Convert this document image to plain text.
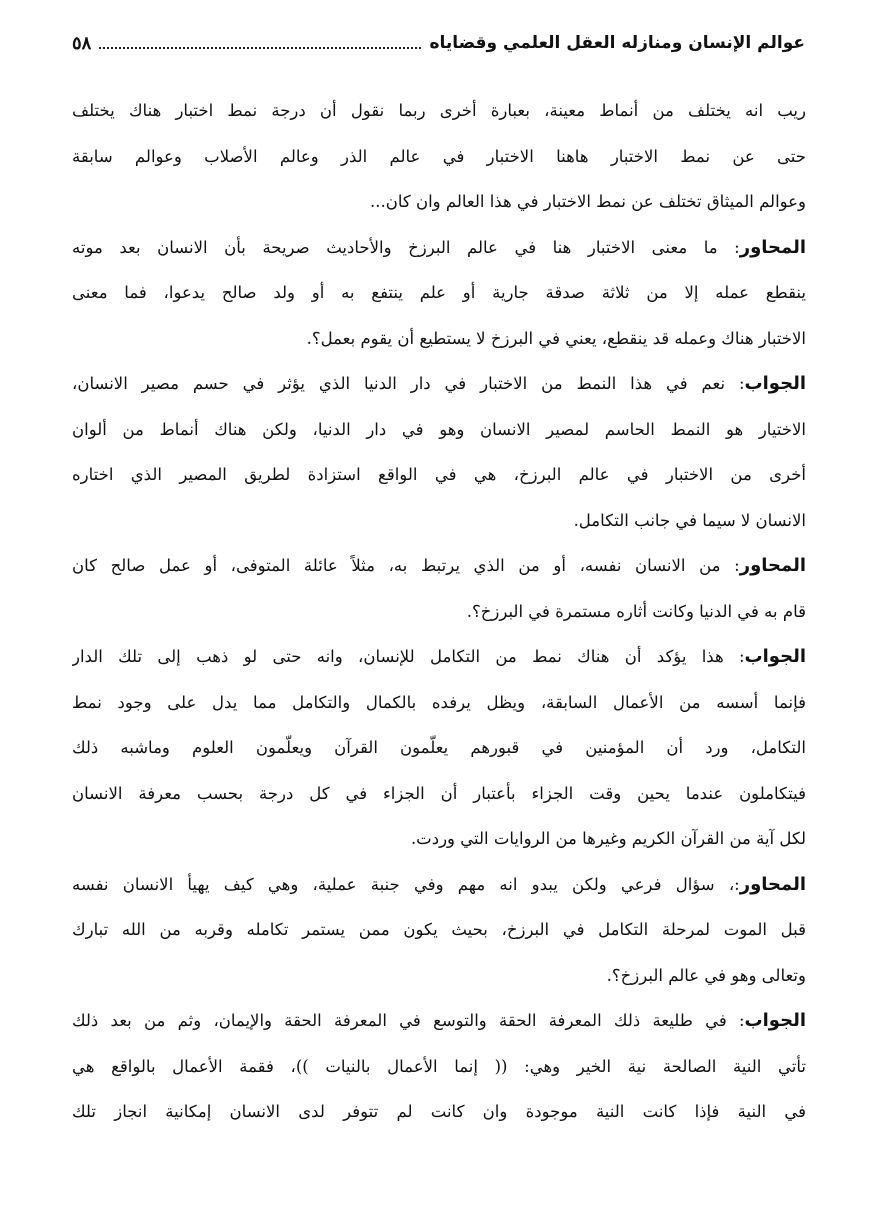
عوالم الإنسان ومنازله العقل العلمي وقضاياه
٥٨
ريب انه يختلف من أنماط معينة، بعبارة أخرى ربما نقول أن درجة نمط اختبار هناك يختلف
حتى عن نمط الاختبار هاهنا الاختبار في عالم الذر وعالم الأصلاب وعوالم سابقة
وعوالم الميثاق تختلف عن نمط الاختبار في هذا العالم وان كان...
المحاور: ما معنى الاختبار هنا في عالم البرزخ والأحاديث صريحة بأن الانسان بعد موته
ينقطع عمله إلا من ثلاثة صدقة جارية أو علم ينتفع به أو ولد صالح يدعوا، فما معنى
الاختبار هناك وعمله قد ينقطع، يعني في البرزخ لا يستطيع أن يقوم بعمل؟.
الجواب: نعم في هذا النمط من الاختبار في دار الدنيا الذي يؤثر في حسم مصير الانسان،
الاختيار هو النمط الحاسم لمصير الانسان وهو في دار الدنيا، ولكن هناك أنماط من ألوان
أخرى من الاختبار في عالم البرزخ، هي في الواقع استزادة لطريق المصير الذي اختاره
الانسان لا سيما في جانب التكامل.
المحاور: من الانسان نفسه، أو من الذي يرتبط به، مثلاً عائلة المتوفى، أو عمل صالح كان
قام به في الدنيا وكانت أثاره مستمرة في البرزخ؟.
الجواب: هذا يؤكد أن هناك نمط من التكامل للإنسان، وانه حتى لو ذهب إلى تلك الدار
فإنما أسسه من الأعمال السابقة، ويظل يرفده بالكمال والتكامل مما يدل على وجود نمط
التكامل، ورد أن المؤمنين في قبورهم يعلّمون القرآن ويعلّمون العلوم وماشبه ذلك
فيتكاملون عندما يحين وقت الجزاء بأعتبار أن الجزاء في كل درجة بحسب معرفة الانسان
لكل آية من القرآن الكريم وغيرها من الروايات التي وردت.
المحاور:، سؤال فرعي ولكن يبدو انه مهم وفي جنبة عملية، وهي كيف يهيأ الانسان نفسه
قبل الموت لمرحلة التكامل في البرزخ، بحيث يكون ممن يستمر تكامله وقربه من الله تبارك
وتعالى وهو في عالم البرزخ؟.
الجواب: في طليعة ذلك المعرفة الحقة والتوسع في المعرفة الحقة والإيمان، وثم من بعد ذلك
تأتي النية الصالحة نية الخير وهي: (( إنما الأعمال بالنيات ))، فقمة الأعمال بالواقع هي
في النية فإذا كانت النية موجودة وان كانت لم تتوفر لدى الانسان إمكانية انجاز تلك
